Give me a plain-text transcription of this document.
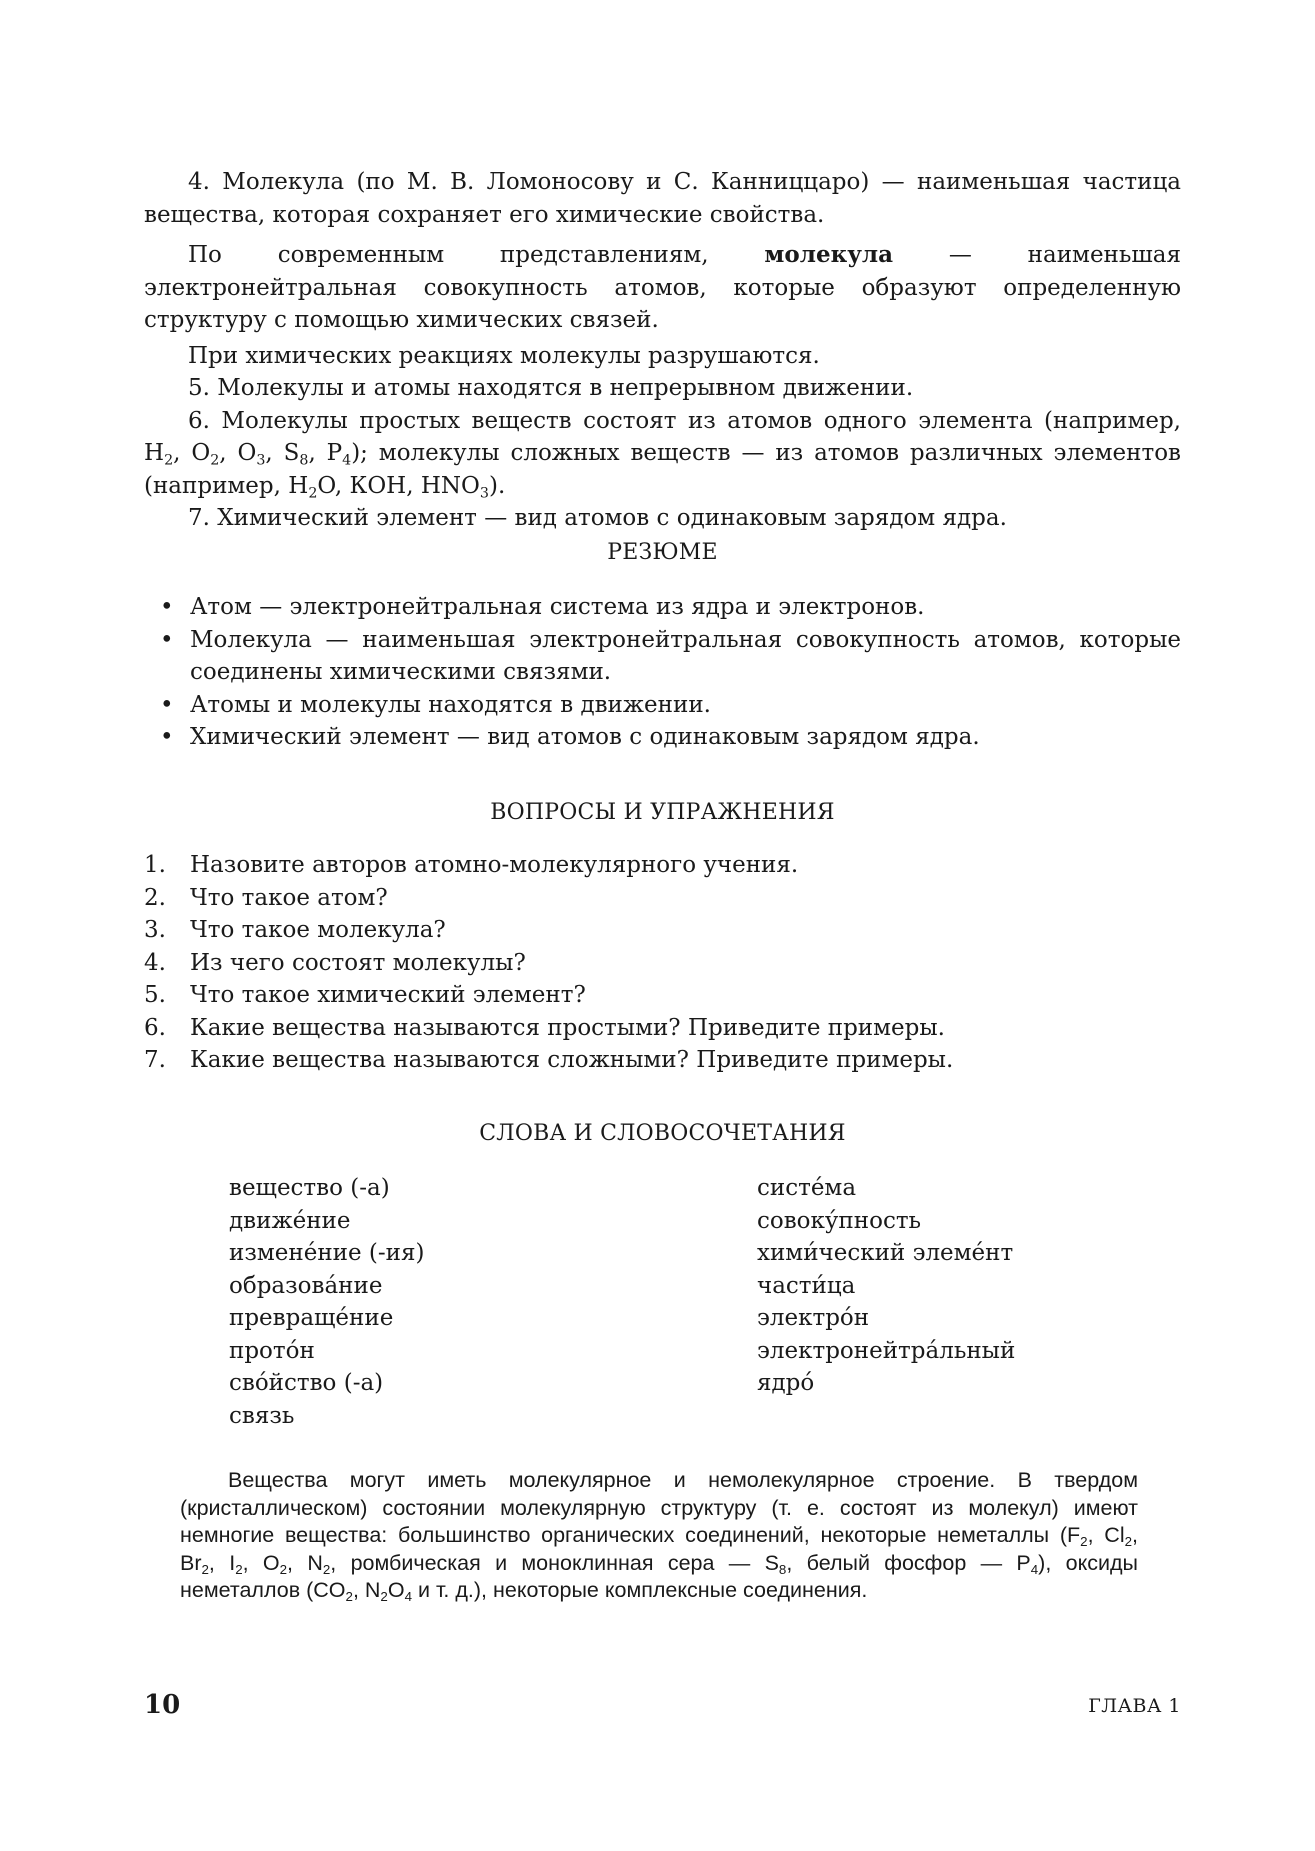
4. Молекула (по М. В. Ломоносову и С. Канниццаро) — наименьшая частица вещества, которая сохраняет его химические свойства.

По современным представлениям, молекула — наименьшая электронейтральная совокупность атомов, которые образуют определенную структуру с помощью химических связей.

При химических реакциях молекулы разрушаются.

5. Молекулы и атомы находятся в непрерывном движении.

6. Молекулы простых веществ состоят из атомов одного элемента (например, $H_2$, $O_2$, $O_3$, $S_8$, $P_4$); молекулы сложных веществ — из атомов различных элементов (например, $H_2O$, КОН, $HNO_3$).

7. Химический элемент — вид атомов с одинаковым зарядом ядра.

РЕЗЮМЕ
• Атом — электронейтральная система из ядра и электронов.
• Молекула — наименьшая электронейтральная совокупность атомов, которые соединены химическими связями.
• Атомы и молекулы находятся в движении.
• Химический элемент — вид атомов с одинаковым зарядом ядра.
ВОПРОСЫ И УПРАЖНЕНИЯ
1. Назовите авторов атомно-молекулярного учения.
2. Что такое атом?
3. Что такое молекула?
4. Из чего состоят молекулы?
5. Что такое химический элемент?
6. Какие вещества называются простыми? Приведите примеры.
7. Какие вещества называются сложными? Приведите примеры.
СЛОВА И СЛОВОСОЧЕТАНИЯ
вещество (-а)
движе́ние
измене́ние (-ия)
образова́ние
превраще́ние
прото́н
сво́йство (-а)
связь
систе́ма
совоку́пность
хими́ческий элеме́нт
части́ца
электро́н
электронейтра́льный
ядро́

Вещества могут иметь молекулярное и немолекулярное строение. В твердом (кристаллическом) состоянии молекулярную структуру (т. е. состоят из молекул) имеют немногие вещества: большинство органических соединений, некоторые неметаллы ($F_2$, $Cl_2$, $Br_2$, $I_2$, $O_2$, $N_2$, ромбическая и моноклинная сера — $S_8$, белый фосфор — $P_4$), оксиды неметаллов ($CO_2$, $N_2O_4$ и т. д.), некоторые комплексные соединения.

10	ГЛАВА 1
